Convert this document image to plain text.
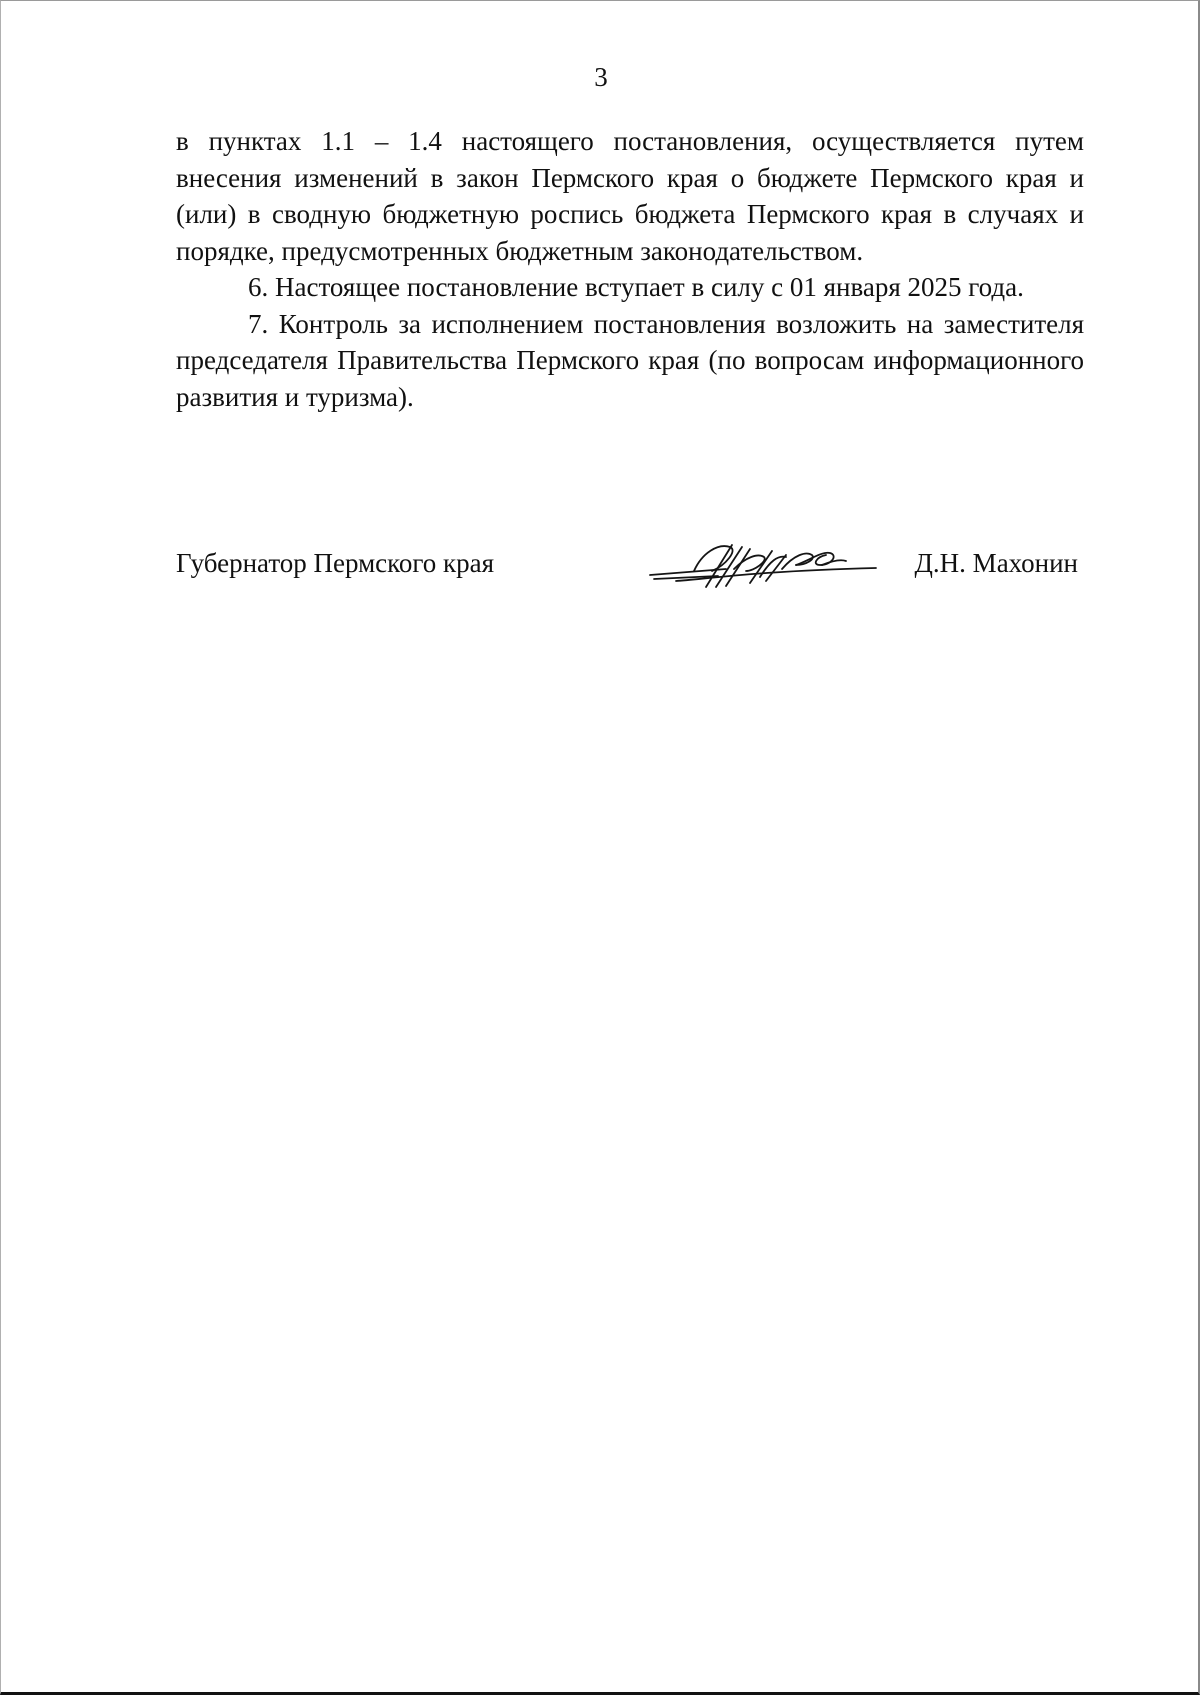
3

в пунктах 1.1 – 1.4 настоящего постановления, осуществляется путем внесения изменений в закон Пермского края о бюджете Пермского края и (или) в сводную бюджетную роспись бюджета Пермского края в случаях и порядке, предусмотренных бюджетным законодательством.

6. Настоящее постановление вступает в силу с 01 января 2025 года.

7. Контроль за исполнением постановления возложить на заместителя председателя Правительства Пермского края (по вопросам информационного развития и туризма).

Губернатор Пермского края	Д.Н. Махонин
